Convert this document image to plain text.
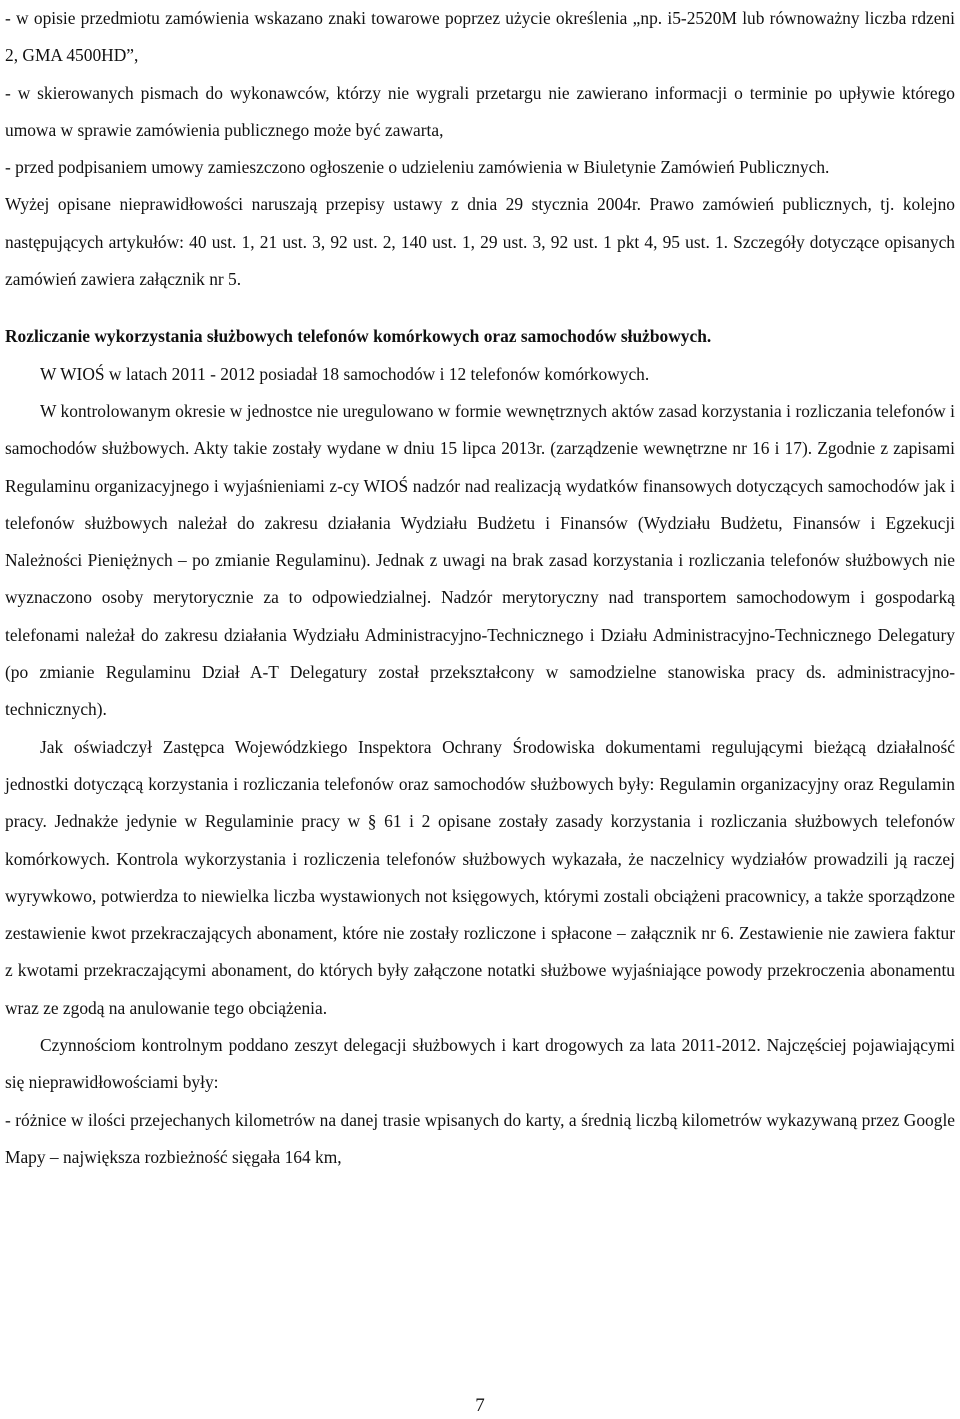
- w opisie przedmiotu zamówienia wskazano znaki towarowe poprzez użycie określenia „np. i5-2520M lub równoważny liczba rdzeni 2, GMA 4500HD”,

- w skierowanych pismach do wykonawców, którzy nie wygrali przetargu nie zawierano informacji o terminie po upływie którego umowa w sprawie zamówienia publicznego może być zawarta,

- przed podpisaniem umowy zamieszczono ogłoszenie o udzieleniu zamówienia w Biuletynie Zamówień Publicznych.

Wyżej opisane nieprawidłowości naruszają przepisy ustawy z dnia 29 stycznia 2004r. Prawo zamówień publicznych, tj. kolejno następujących artykułów: 40 ust. 1, 21 ust. 3, 92 ust. 2, 140 ust. 1, 29 ust. 3, 92 ust. 1 pkt 4, 95 ust. 1. Szczegóły dotyczące opisanych zamówień zawiera załącznik nr 5.

Rozliczanie wykorzystania służbowych telefonów komórkowych oraz samochodów służbowych.

W WIOŚ w latach 2011 - 2012 posiadał 18 samochodów i 12 telefonów komórkowych.

W kontrolowanym okresie w jednostce nie uregulowano w formie wewnętrznych aktów zasad korzystania i rozliczania telefonów i samochodów służbowych. Akty takie zostały wydane w dniu 15 lipca 2013r. (zarządzenie wewnętrzne nr 16 i 17). Zgodnie z zapisami Regulaminu organizacyjnego i wyjaśnieniami z-cy WIOŚ nadzór nad realizacją wydatków finansowych dotyczących samochodów jak i telefonów służbowych należał do zakresu działania Wydziału Budżetu i Finansów (Wydziału Budżetu, Finansów i Egzekucji Należności Pieniężnych – po zmianie Regulaminu). Jednak z uwagi na brak zasad korzystania i rozliczania telefonów służbowych nie wyznaczono osoby merytorycznie za to odpowiedzialnej. Nadzór merytoryczny nad transportem samochodowym i gospodarką telefonami należał do zakresu działania Wydziału Administracyjno-Technicznego i Działu Administracyjno-Technicznego Delegatury (po zmianie Regulaminu Dział A-T Delegatury został przekształcony w samodzielne stanowiska pracy ds. administracyjno-technicznych).

Jak oświadczył Zastępca Wojewódzkiego Inspektora Ochrany Środowiska dokumentami regulującymi bieżącą działalność jednostki dotyczącą korzystania i rozliczania telefonów oraz samochodów służbowych były: Regulamin organizacyjny oraz Regulamin pracy. Jednakże jedynie w Regulaminie pracy w § 61 i 2 opisane zostały zasady korzystania i rozliczania służbowych telefonów komórkowych. Kontrola wykorzystania i rozliczenia telefonów służbowych wykazała, że naczelnicy wydziałów prowadzili ją raczej wyrywkowo, potwierdza to niewielka liczba wystawionych not księgowych, którymi zostali obciążeni pracownicy, a także sporządzone zestawienie kwot przekraczających abonament, które nie zostały rozliczone i spłacone – załącznik nr 6. Zestawienie nie zawiera faktur z kwotami przekraczającymi abonament, do których były załączone notatki służbowe wyjaśniające powody przekroczenia abonamentu wraz ze zgodą na anulowanie tego obciążenia.

Czynnościom kontrolnym poddano zeszyt delegacji służbowych i kart drogowych za lata 2011-2012. Najczęściej pojawiającymi się nieprawidłowościami były:

- różnice w ilości przejechanych kilometrów na danej trasie wpisanych do karty, a średnią liczbą kilometrów wykazywaną przez Google Mapy – największa rozbieżność sięgała 164 km,

7
